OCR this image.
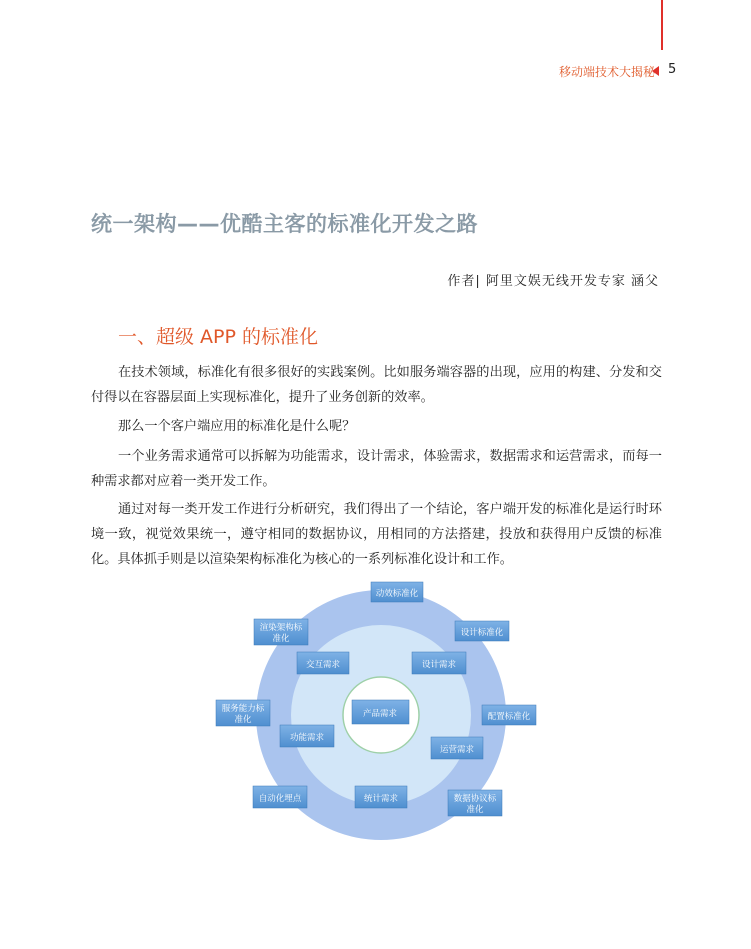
移动端技术大揭秘 5
统一架构——优酷主客的标准化开发之路
作者| 阿里文娱无线开发专家 涵父
一、超级 APP 的标准化

在技术领域，标准化有很多很好的实践案例。比如服务端容器的出现，应用的构建、分发和交付得以在容器层面上实现标准化，提升了业务创新的效率。

那么一个客户端应用的标准化是什么呢？

一个业务需求通常可以拆解为功能需求，设计需求，体验需求，数据需求和运营需求，而每一种需求都对应着一类开发工作。

通过对每一类开发工作进行分析研究，我们得出了一个结论，客户端开发的标准化是运行时环境一致，视觉效果统一，遵守相同的数据协议，用相同的方法搭建，投放和获得用户反馈的标准化。具体抓手则是以渲染架构标准化为核心的一系列标准化设计和工作。

产品需求
交互需求	设计需求
功能需求
运营需求
统计需求
动效标准化
渲染架构标
准化
设计标准化
服务能力标
准化	配置标准化
自动化埋点	数据协议标
准化
